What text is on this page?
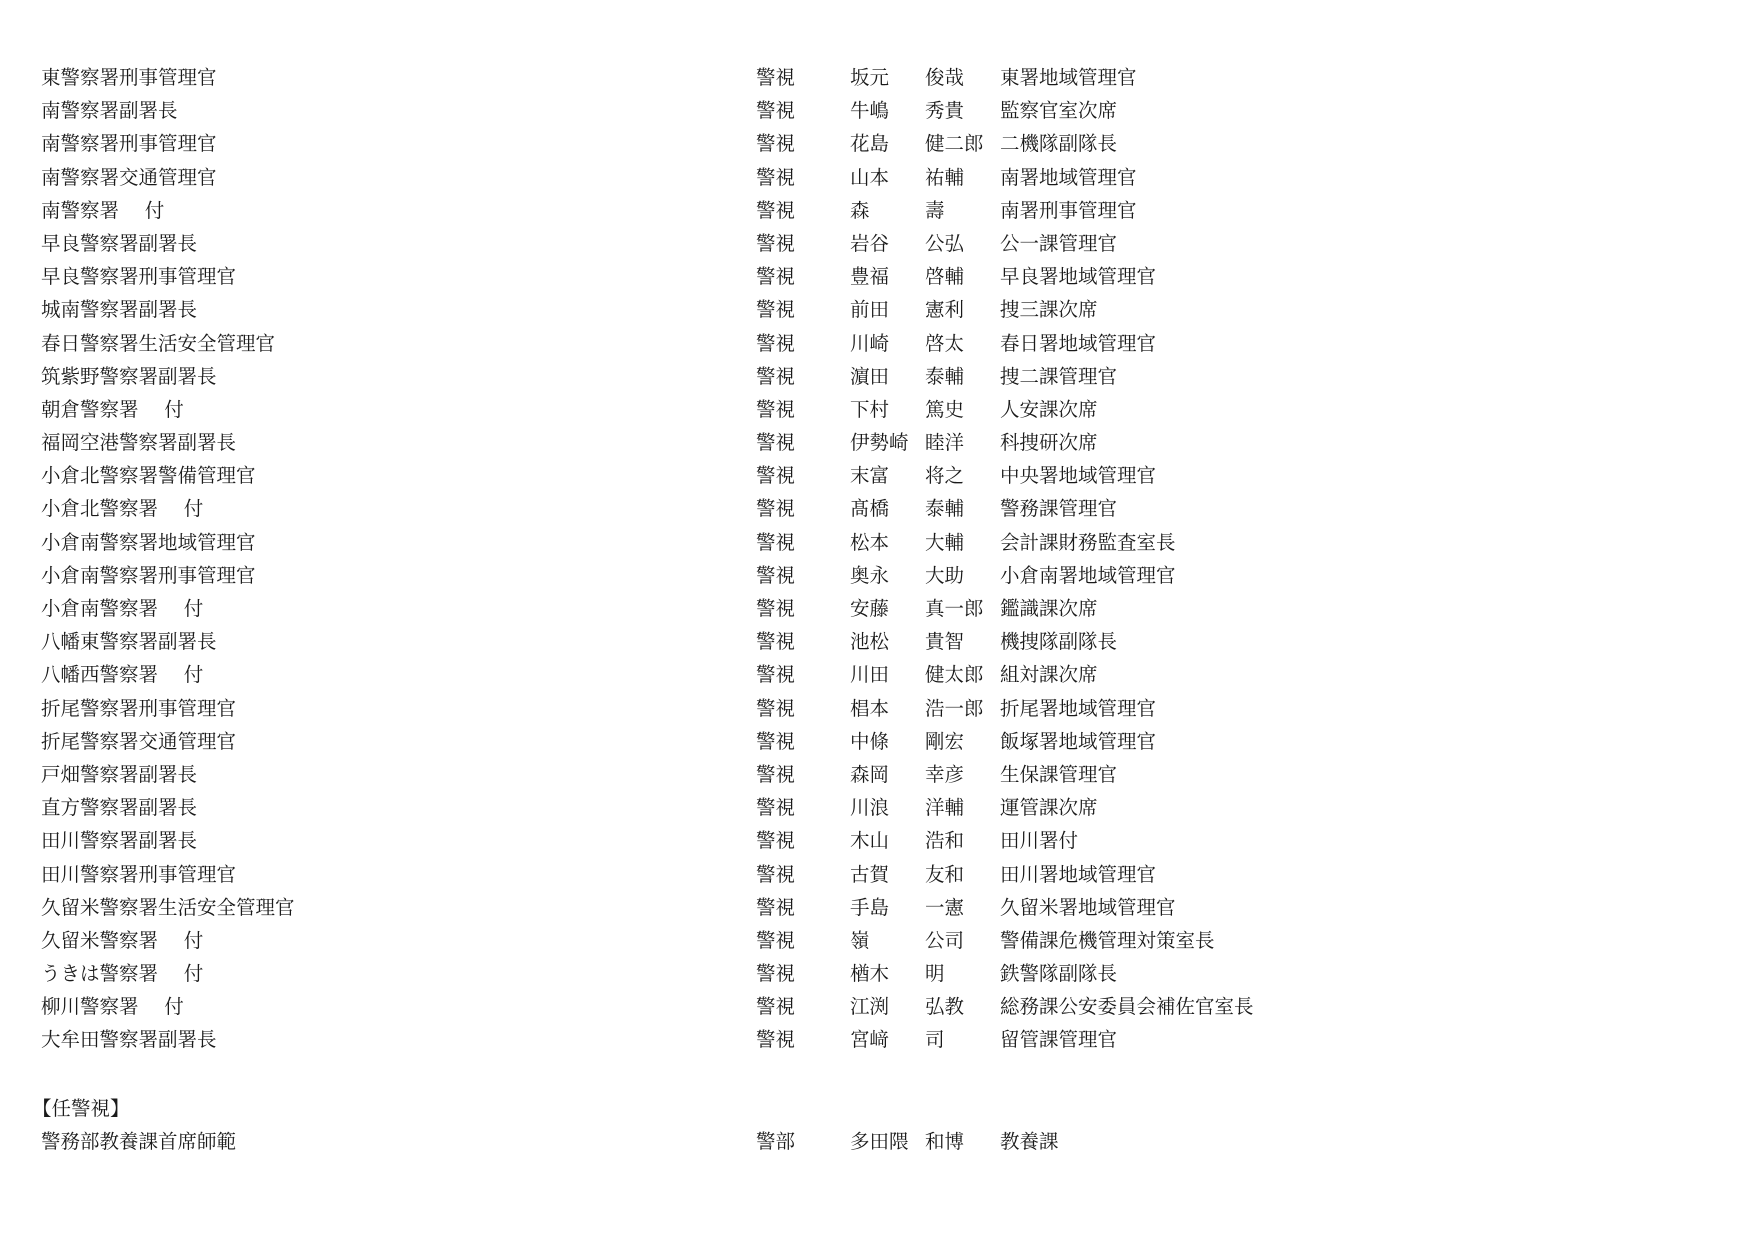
東警察署刑事管理官	警視	坂元 俊哉 東署地域管理官
南警察署副署長	警視	牛嶋 秀貴 監察官室次席
南警察署刑事管理官	警視	花島 健二郎 二機隊副隊長
南警察署交通管理官	警視	山本 祐輔 南署地域管理官
南警察署　 付	警視	森	壽	南署刑事管理官
早良警察署副署長	警視	岩谷 公弘 公一課管理官
早良警察署刑事管理官	警視	豊福 啓輔 早良署地域管理官
城南警察署副署長	警視	前田 憲利 捜三課次席
春日警察署生活安全管理官	警視	川崎 啓太 春日署地域管理官
筑紫野警察署副署長	警視	濵田 泰輔 捜二課管理官
朝倉警察署　 付	警視	下村 篤史 人安課次席
福岡空港警察署副署長	警視	伊勢崎 睦洋 科捜研次席
小倉北警察署警備管理官	警視	末富 将之 中央署地域管理官
小倉北警察署　 付	警視	髙橋 泰輔 警務課管理官
小倉南警察署地域管理官	警視	松本 大輔 会計課財務監査室長
小倉南警察署刑事管理官	警視	奥永 大助 小倉南署地域管理官
小倉南警察署　 付	警視	安藤 真一郎 鑑識課次席
八幡東警察署副署長	警視	池松 貴智 機捜隊副隊長
八幡西警察署　 付	警視	川田 健太郎 組対課次席
折尾警察署刑事管理官	警視	椙本 浩一郎 折尾署地域管理官
折尾警察署交通管理官	警視	中條 剛宏 飯塚署地域管理官
戸畑警察署副署長	警視	森岡 幸彦 生保課管理官
直方警察署副署長	警視	川浪 洋輔 運管課次席
田川警察署副署長	警視	木山 浩和 田川署付
田川警察署刑事管理官	警視	古賀 友和 田川署地域管理官
久留米警察署生活安全管理官	警視	手島 一憲 久留米署地域管理官
久留米警察署　 付	警視	嶺	公司 警備課危機管理対策室長
うきは警察署　 付	警視	楢木 明	鉄警隊副隊長
柳川警察署　 付	警視	江渕 弘教 総務課公安委員会補佐官室長
大牟田警察署副署長	警視	宮﨑 司	留管課管理官
【任警視】
警務部教養課首席師範	警部	多田隈 和博 教養課
